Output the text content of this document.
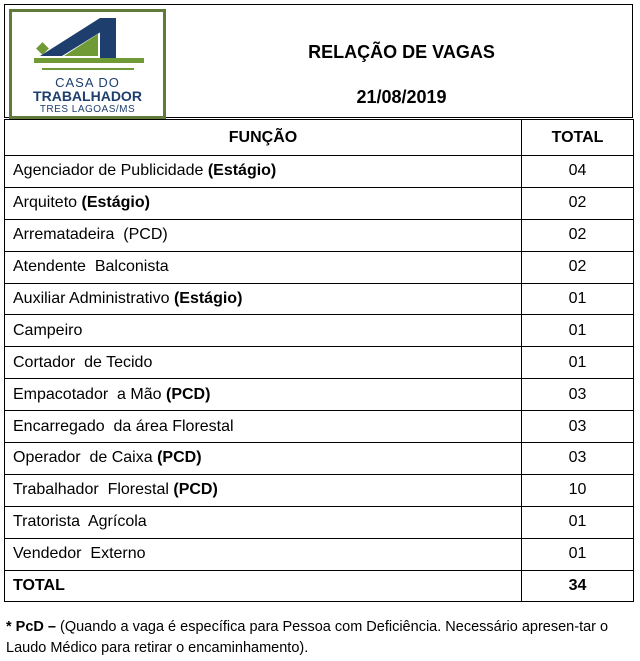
CASA DO
TRABALHADOR
TRES LAGOAS/MS
RELAÇÃO DE VAGAS
21/08/2019
FUNÇÃO	TOTAL
Agenciador de Publicidade (Estágio)	04
Arquiteto (Estágio)	02
Arrematadeira  (PCD)	02
Atendente  Balconista	02
Auxiliar Administrativo (Estágio)	01
Campeiro	01
Cortador  de Tecido	01
Empacotador  a Mão (PCD)	03
Encarregado  da área Florestal	03
Operador  de Caixa (PCD)	03
Trabalhador  Florestal (PCD)	10
Tratorista  Agrícola	01
Vendedor  Externo	01
TOTAL	34
* PcD – (Quando a vaga é específica para Pessoa com Deficiência. Necessário apresen-tar o Laudo Médico para retirar o encaminhamento).
